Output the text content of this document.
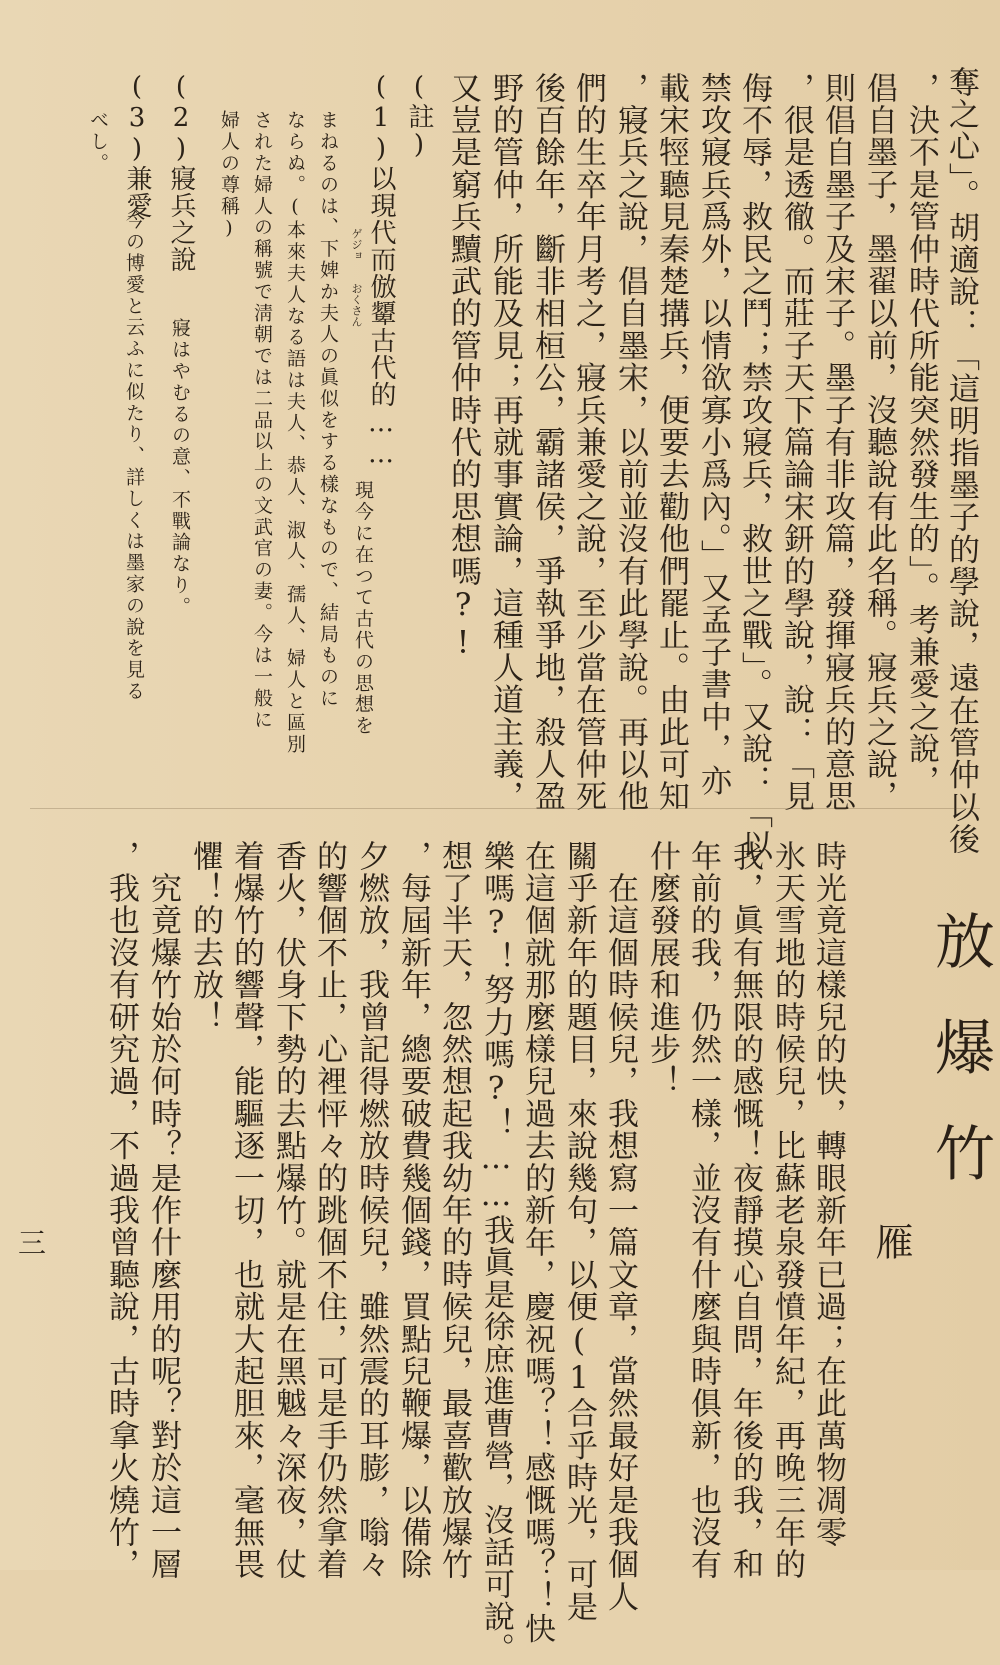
奪之心」。胡適說：「這明指墨子的學說，遠在管仲以後
，決不是管仲時代所能突然發生的」。考兼愛之說，
倡自墨子，墨翟以前，沒聽說有此名稱。寢兵之說，
則倡自墨子及宋子。墨子有非攻篇，發揮寢兵的意思
，很是透徹。而莊子天下篇論宋鈃的學說，說：「見
侮不辱，救民之鬥；禁攻寢兵，救世之戰」。又說：「以
禁攻寢兵爲外，以情欲寡小爲內。」又孟子書中，亦
載宋牼聽見秦楚搆兵，便要去勸他們罷止。由此可知
，寢兵之說，倡自墨宋，以前並沒有此學說。再以他
們的生卒年月考之，寢兵兼愛之說，至少當在管仲死
後百餘年，斷非相桓公，霸諸侯，爭執爭地，殺人盈
野的管仲，所能及見；再就事實論，這種人道主義，
又豈是窮兵黷武的管仲時代的思想嗎?!
(註)
(1)以現代而倣顰古代的……
現今に在つて古代の思想を
ゲジョ
おくさん
まねるのは、下婢か夫人の眞似をする樣なもので、結局ものに
ならぬ。(本來夫人なる語は夫人、恭人、淑人、孺人、婦人と區別
された婦人の稱號で淸朝では二品以上の文武官の妻。今は一般に
婦人の尊稱)
(2)寢兵之說
寢はやむるの意、不戰論なり。
(3)兼愛
今の博愛と云ふに似たり、詳しくは墨家の說を見る
べし。
放爆竹
雁
時光竟這樣兒的快，轉眼新年已過；在此萬物凋零
氷天雪地的時候兒，比蘇老泉發憤年紀，再晚三年的
我，眞有無限的感慨！夜靜摸心自問，年後的我，和
年前的我，仍然一樣，並沒有什麼與時俱新，也沒有
什麼發展和進步！
　在這個時候兒，我想寫一篇文章，當然最好是我個人
關乎新年的題目，來說幾句，以便(1合乎時光，可是
在這個就那麼樣兒過去的新年，慶祝嗎？！感慨嗎？！快
樂嗎?！努力嗎?！……我眞是徐庶進曹營，沒話可說。
想了半天，忽然想起我幼年的時候兒，最喜歡放爆竹
，每屆新年，總要破費幾個錢，買點兒鞭爆，以備除
夕燃放，我曾記得燃放時候兒，雖然震的耳膨，嗡々
的響個不止，心裡怦々的跳個不住，可是手仍然拿着
香火，伏身下勢的去點爆竹。就是在黑魆々深夜，仗
着爆竹的響聲，能驅逐一切，也就大起胆來，毫無畏
懼！的去放！
　究竟爆竹始於何時？是作什麼用的呢？對於這一層
，我也沒有研究過，不過我曾聽說，古時拿火燒竹，
三
